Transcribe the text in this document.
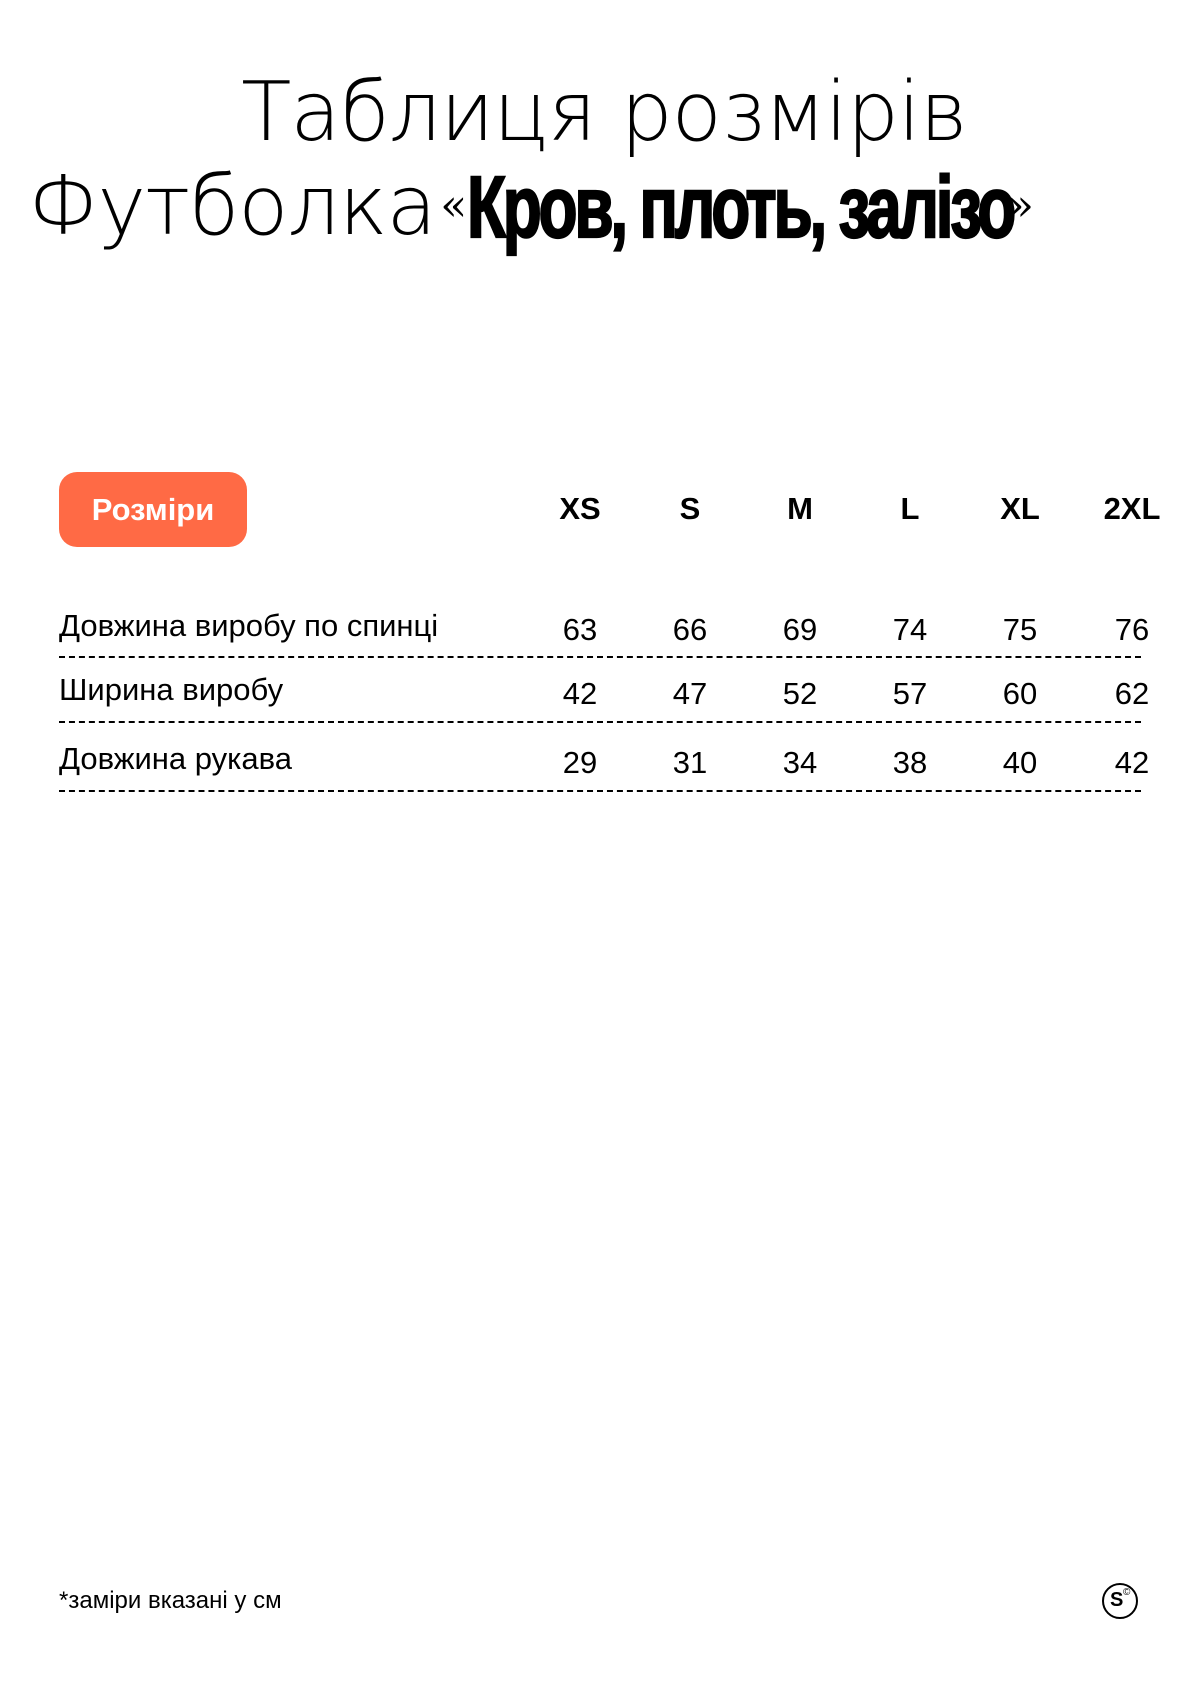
Таблиця розмірів
Футболка «Кров, плоть, залізо»
Розміри	XS	S	M	L	XL	2XL
Довжина виробу по спинці	63	66	69	74	75	76
Ширина виробу	42	47	52	57	60	62
Довжина рукава	29	31	34	38	40	42
*заміри вказані у см	S ©
